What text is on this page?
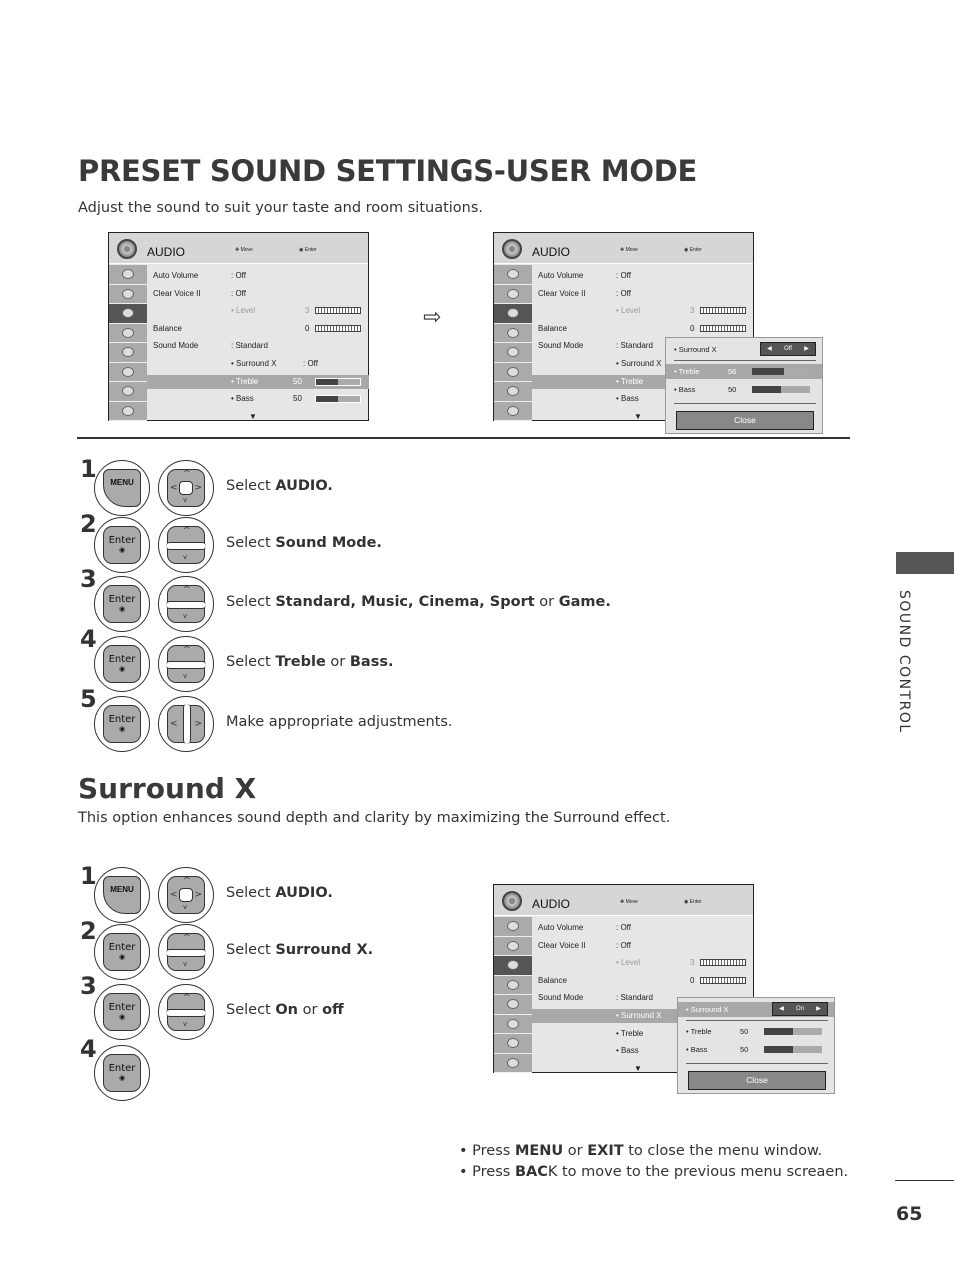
PRESET SOUND SETTINGS-USER MODE
Adjust the sound to suit your taste and room situations.
AUDIO	✥ Move	◉ Enter
Auto Volume	: Off
Clear Voice II	: Off
• Level	3
Balance	0
Sound Mode	: Standard
• Surround X	: Off
• Treble	50
• Bass	50
▼
⇨
AUDIO	✥ Move	◉ Enter
Auto Volume	: Off
Clear Voice II	: Off
• Level	3
Balance	0
Sound Mode	: Standard
• Surround X
• Treble
• Bass
▼
• Surround X	◀ Off ▶
• Treble	56
• Bass	50
Close
1	MENU
^
v
< > Select AUDIO.
2
Enter
◉
^
v
Select Sound Mode.
3
Enter
◉
^
v
Select Standard, Music, Cinema, Sport or Game.
4
Enter
◉
^
v
Select Treble or Bass.
5
Enter
◉	< > Make appropriate adjustments.
Surround X
This option enhances sound depth and clarity by maximizing the Surround effect.
1	MENU
^
v
< > Select AUDIO.
2
Enter
◉
^
v
Select Surround X.
3
Enter
◉
^
v
Select On or off
4
Enter
◉
AUDIO	✥ Move	◉ Enter
Auto Volume	: Off
Clear Voice II	: Off
• Level	3
Balance	0
Sound Mode	: Standard
• Surround X
• Treble
• Bass
▼
• Surround X	◀ On ▶
• Treble	50
• Bass	50
Close
• Press MENU or EXIT to close the menu window.
• Press BACK to move to the previous menu screaen.
SOUND CONTROL
65
